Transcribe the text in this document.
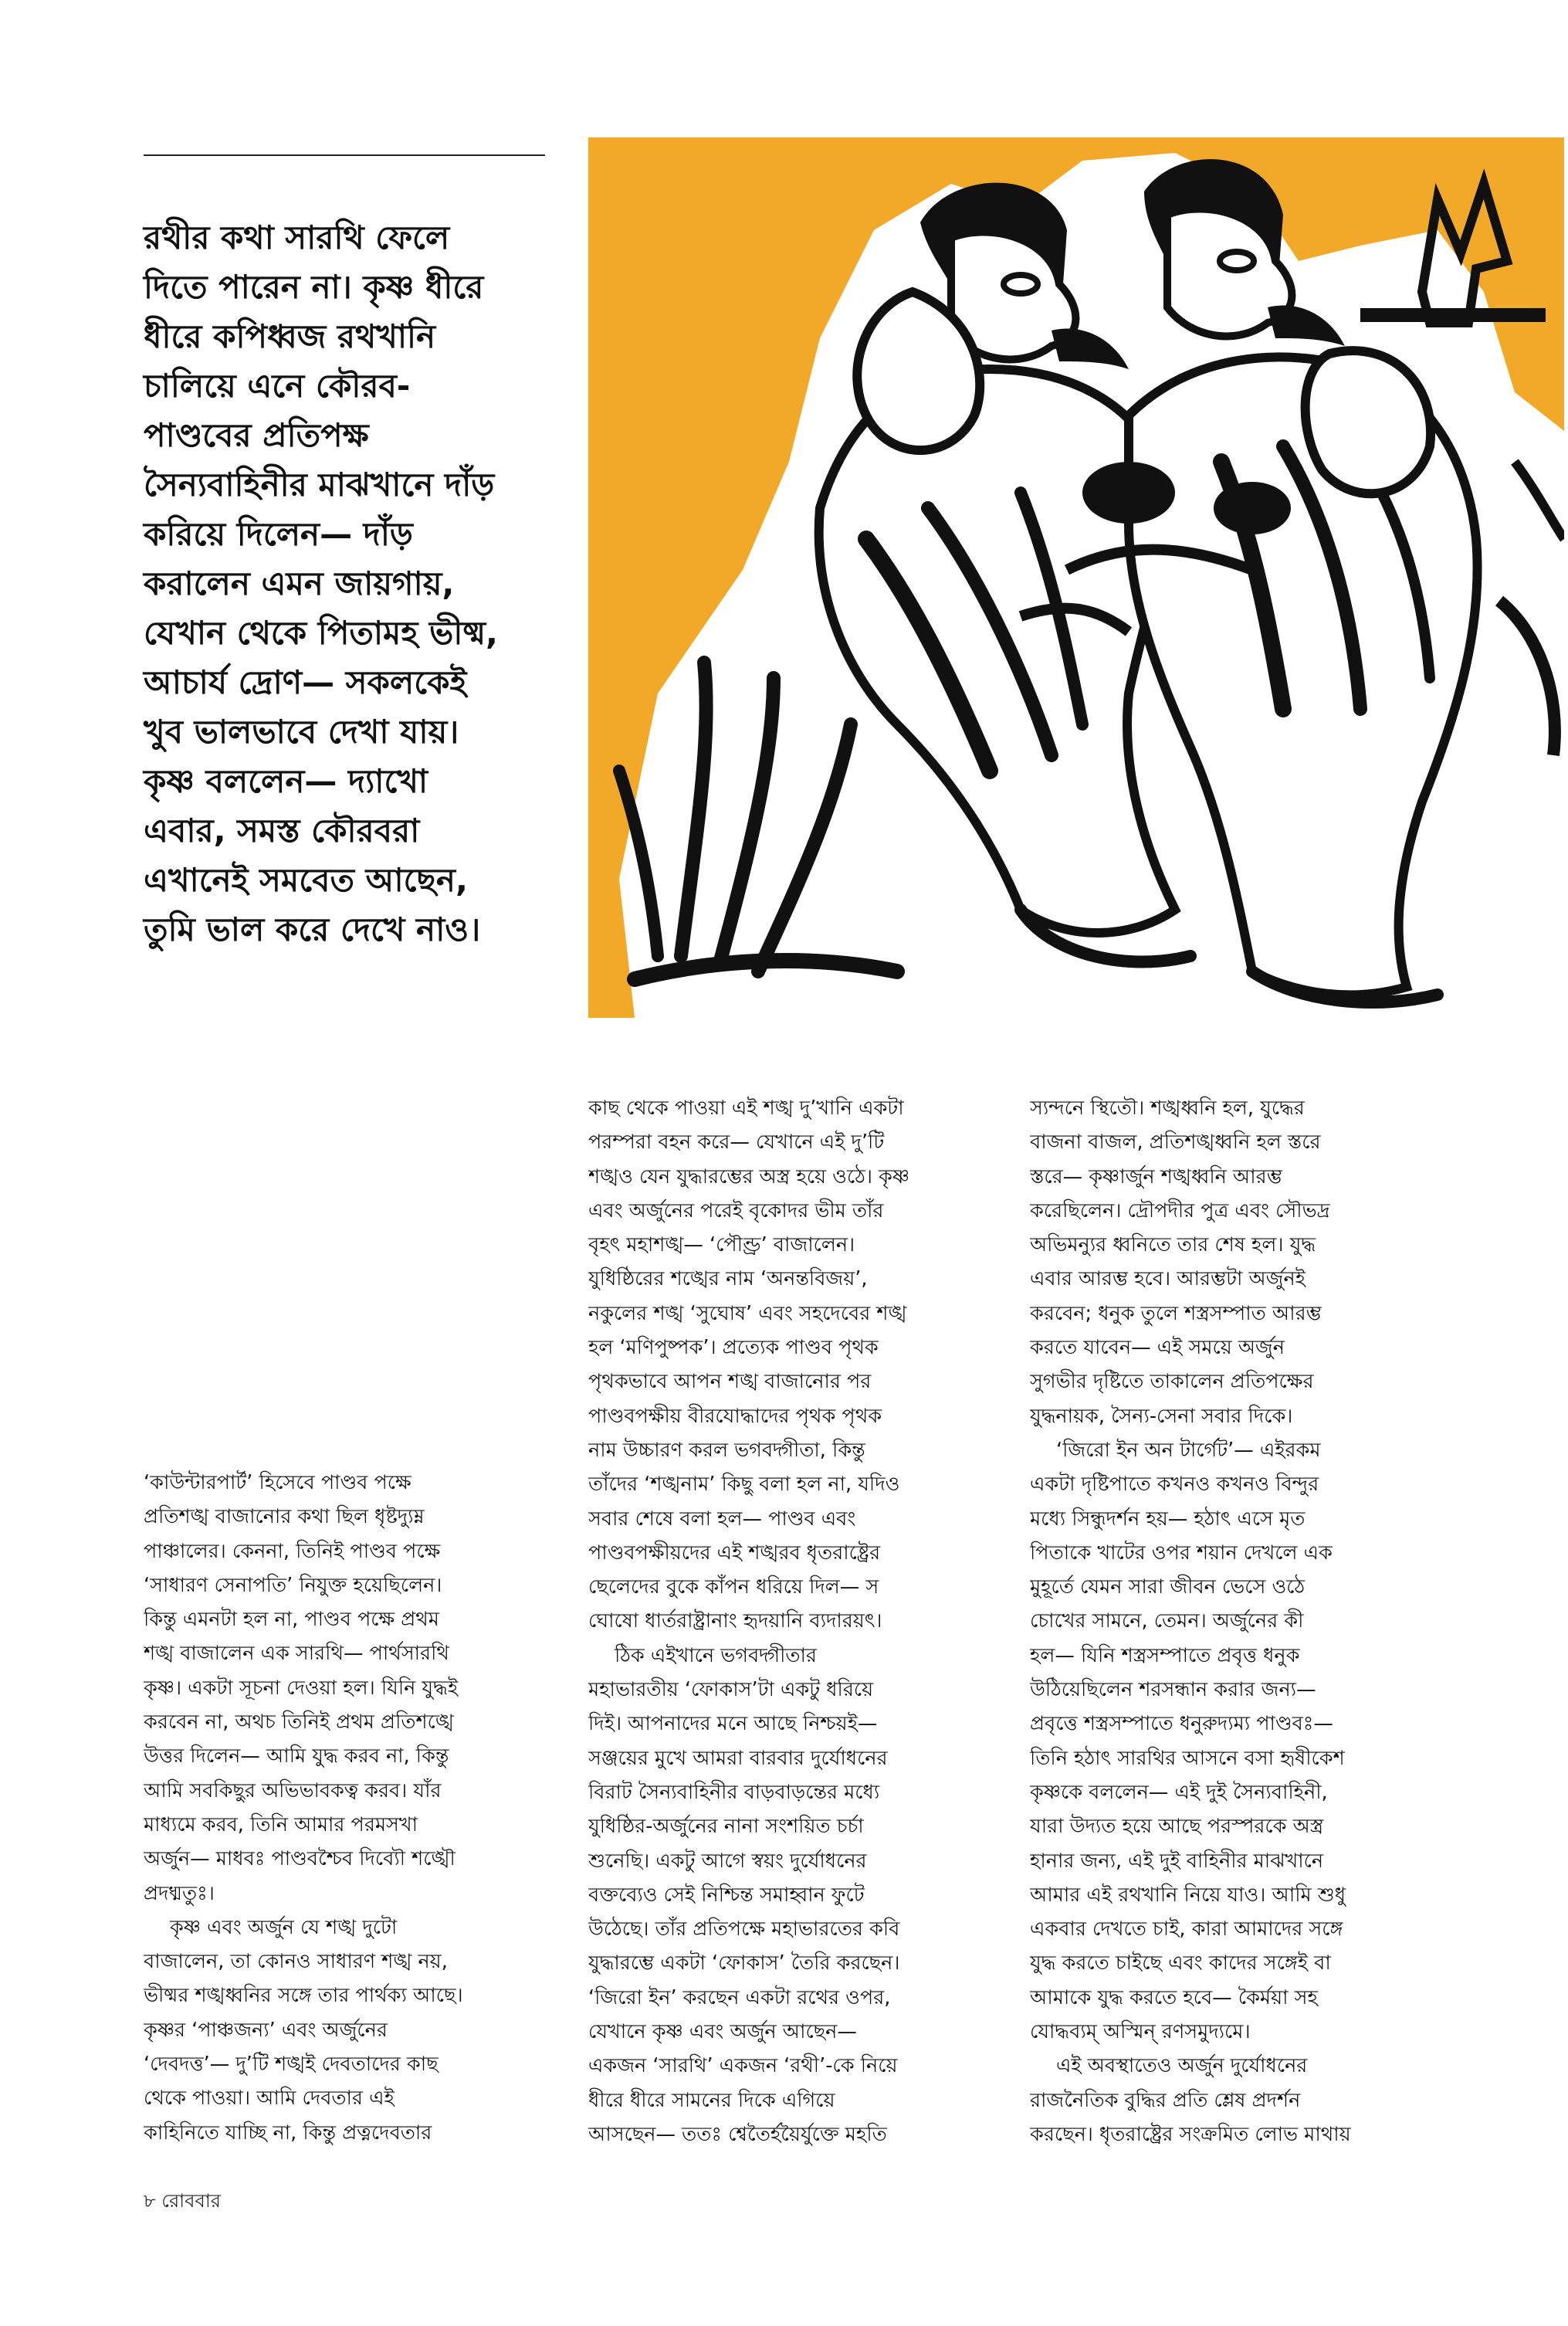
রথীর কথা সারথি ফেলে
দিতে পারেন না। কৃষ্ণ ধীরে
ধীরে কপিধ্বজ রথখানি
চালিয়ে এনে কৌরব-
পাণ্ডবের প্রতিপক্ষ
সৈন্যবাহিনীর মাঝখানে দাঁড়
করিয়ে দিলেন— দাঁড়
করালেন এমন জায়গায়,
যেখান থেকে পিতামহ ভীষ্ম,
আচার্য দ্রোণ— সকলকেই
খুব ভালভাবে দেখা যায়।
কৃষ্ণ বললেন— দ্যাখো
এবার, সমস্ত কৌরবরা
এখানেই সমবেত আছেন,
তুমি ভাল করে দেখে নাও।
‘কাউন্টারপার্ট’ হিসেবে পাণ্ডব পক্ষে
প্রতিশঙ্খ বাজানোর কথা ছিল ধৃষ্টদ্যুম্ন
পাঞ্চালের। কেননা, তিনিই পাণ্ডব পক্ষে
‘সাধারণ সেনাপতি’ নিযুক্ত হয়েছিলেন।
কিন্তু এমনটা হল না, পাণ্ডব পক্ষে প্রথম
শঙ্খ বাজালেন এক সারথি— পার্থসারথি
কৃষ্ণ। একটা সূচনা দেওয়া হল। যিনি যুদ্ধই
করবেন না, অথচ তিনিই প্রথম প্রতিশঙ্খে
উত্তর দিলেন— আমি যুদ্ধ করব না, কিন্তু
আমি সবকিছুর অভিভাবকত্ব করব। যাঁর
মাধ্যমে করব, তিনি আমার পরমসখা
অর্জুন— মাধবঃ পাণ্ডবশ্চৈব দিব্যৌ শঙ্খৌ
প্রদধ্মতুঃ।
কৃষ্ণ এবং অর্জুন যে শঙ্খ দুটো
বাজালেন, তা কোনও সাধারণ শঙ্খ নয়,
ভীষ্মর শঙ্খধ্বনির সঙ্গে তার পার্থক্য আছে।
কৃষ্ণর ‘পাঞ্চজন্য’ এবং অর্জুনের
‘দেবদত্ত’— দু’টি শঙ্খই দেবতাদের কাছ
থেকে পাওয়া। আমি দেবতার এই
কাহিনিতে যাচ্ছি না, কিন্তু প্রত্নদেবতার
কাছ থেকে পাওয়া এই শঙ্খ দু’খানি একটা
পরম্পরা বহন করে— যেখানে এই দু’টি
শঙ্খও যেন যুদ্ধারম্ভের অস্ত্র হয়ে ওঠে। কৃষ্ণ
এবং অর্জুনের পরেই বৃকোদর ভীম তাঁর
বৃহৎ মহাশঙ্খ— ‘পৌণ্ড্র’ বাজালেন।
যুধিষ্ঠিরের শঙ্খের নাম ‘অনন্তবিজয়’,
নকুলের শঙ্খ ‘সুঘোষ’ এবং সহদেবের শঙ্খ
হল ‘মণিপুষ্পক’। প্রত্যেক পাণ্ডব পৃথক
পৃথকভাবে আপন শঙ্খ বাজানোর পর
পাণ্ডবপক্ষীয় বীরযোদ্ধাদের পৃথক পৃথক
নাম উচ্চারণ করল ভগবদ্গীতা, কিন্তু
তাঁদের ‘শঙ্খনাম’ কিছু বলা হল না, যদিও
সবার শেষে বলা হল— পাণ্ডব এবং
পাণ্ডবপক্ষীয়দের এই শঙ্খরব ধৃতরাষ্ট্রের
ছেলেদের বুকে কাঁপন ধরিয়ে দিল— স
ঘোষো ধার্তরাষ্ট্রানাং হৃদয়ানি ব্যদারয়ৎ।
ঠিক এইখানে ভগবদ্গীতার
মহাভারতীয় ‘ফোকাস’টা একটু ধরিয়ে
দিই। আপনাদের মনে আছে নিশ্চয়ই—
সঞ্জয়ের মুখে আমরা বারবার দুর্যোধনের
বিরাট সৈন্যবাহিনীর বাড়বাড়ন্তের মধ্যে
যুধিষ্ঠির-অর্জুনের নানা সংশয়িত চর্চা
শুনেছি। একটু আগে স্বয়ং দুর্যোধনের
বক্তব্যেও সেই নিশ্চিন্ত সমাহ্বান ফুটে
উঠেছে। তাঁর প্রতিপক্ষে মহাভারতের কবি
যুদ্ধারম্ভে একটা ‘ফোকাস’ তৈরি করছেন।
‘জিরো ইন’ করছেন একটা রথের ওপর,
যেখানে কৃষ্ণ এবং অর্জুন আছেন—
একজন ‘সারথি’ একজন ‘রথী’-কে নিয়ে
ধীরে ধীরে সামনের দিকে এগিয়ে
আসছেন— ততঃ শ্বেতৈর্হয়ৈর্যুক্তে মহতি
স্যন্দনে স্থিতৌ। শঙ্খধ্বনি হল, যুদ্ধের
বাজনা বাজল, প্রতিশঙ্খধ্বনি হল স্তরে
স্তরে— কৃষ্ণার্জুন শঙ্খধ্বনি আরম্ভ
করেছিলেন। দ্রৌপদীর পুত্র এবং সৌভদ্র
অভিমন্যুর ধ্বনিতে তার শেষ হল। যুদ্ধ
এবার আরম্ভ হবে। আরম্ভটা অর্জুনই
করবেন; ধনুক তুলে শস্ত্রসম্পাত আরম্ভ
করতে যাবেন— এই সময়ে অর্জুন
সুগভীর দৃষ্টিতে তাকালেন প্রতিপক্ষের
যুদ্ধনায়ক, সৈন্য-সেনা সবার দিকে।
‘জিরো ইন অন টার্গেট’— এইরকম
একটা দৃষ্টিপাতে কখনও কখনও বিন্দুর
মধ্যে সিন্ধুদর্শন হয়— হঠাৎ এসে মৃত
পিতাকে খাটের ওপর শয়ান দেখলে এক
মুহূর্তে যেমন সারা জীবন ভেসে ওঠে
চোখের সামনে, তেমন। অর্জুনের কী
হল— যিনি শস্ত্রসম্পাতে প্রবৃত্ত ধনুক
উঠিয়েছিলেন শরসন্ধান করার জন্য—
প্রবৃত্তে শস্ত্রসম্পাতে ধনুরুদ্যম্য পাণ্ডবঃ—
তিনি হঠাৎ সারথির আসনে বসা হৃষীকেশ
কৃষ্ণকে বললেন— এই দুই সৈন্যবাহিনী,
যারা উদ্যত হয়ে আছে পরস্পরকে অস্ত্র
হানার জন্য, এই দুই বাহিনীর মাঝখানে
আমার এই রথখানি নিয়ে যাও। আমি শুধু
একবার দেখতে চাই, কারা আমাদের সঙ্গে
যুদ্ধ করতে চাইছে এবং কাদের সঙ্গেই বা
আমাকে যুদ্ধ করতে হবে— কৈর্ময়া সহ
যোদ্ধব্যম্ অস্মিন্ রণসমুদ্যমে।
এই অবস্থাতেও অর্জুন দুর্যোধনের
রাজনৈতিক বুদ্ধির প্রতি শ্লেষ প্রদর্শন
করছেন। ধৃতরাষ্ট্রের সংক্রমিত লোভ মাথায়
৮ রোববার
